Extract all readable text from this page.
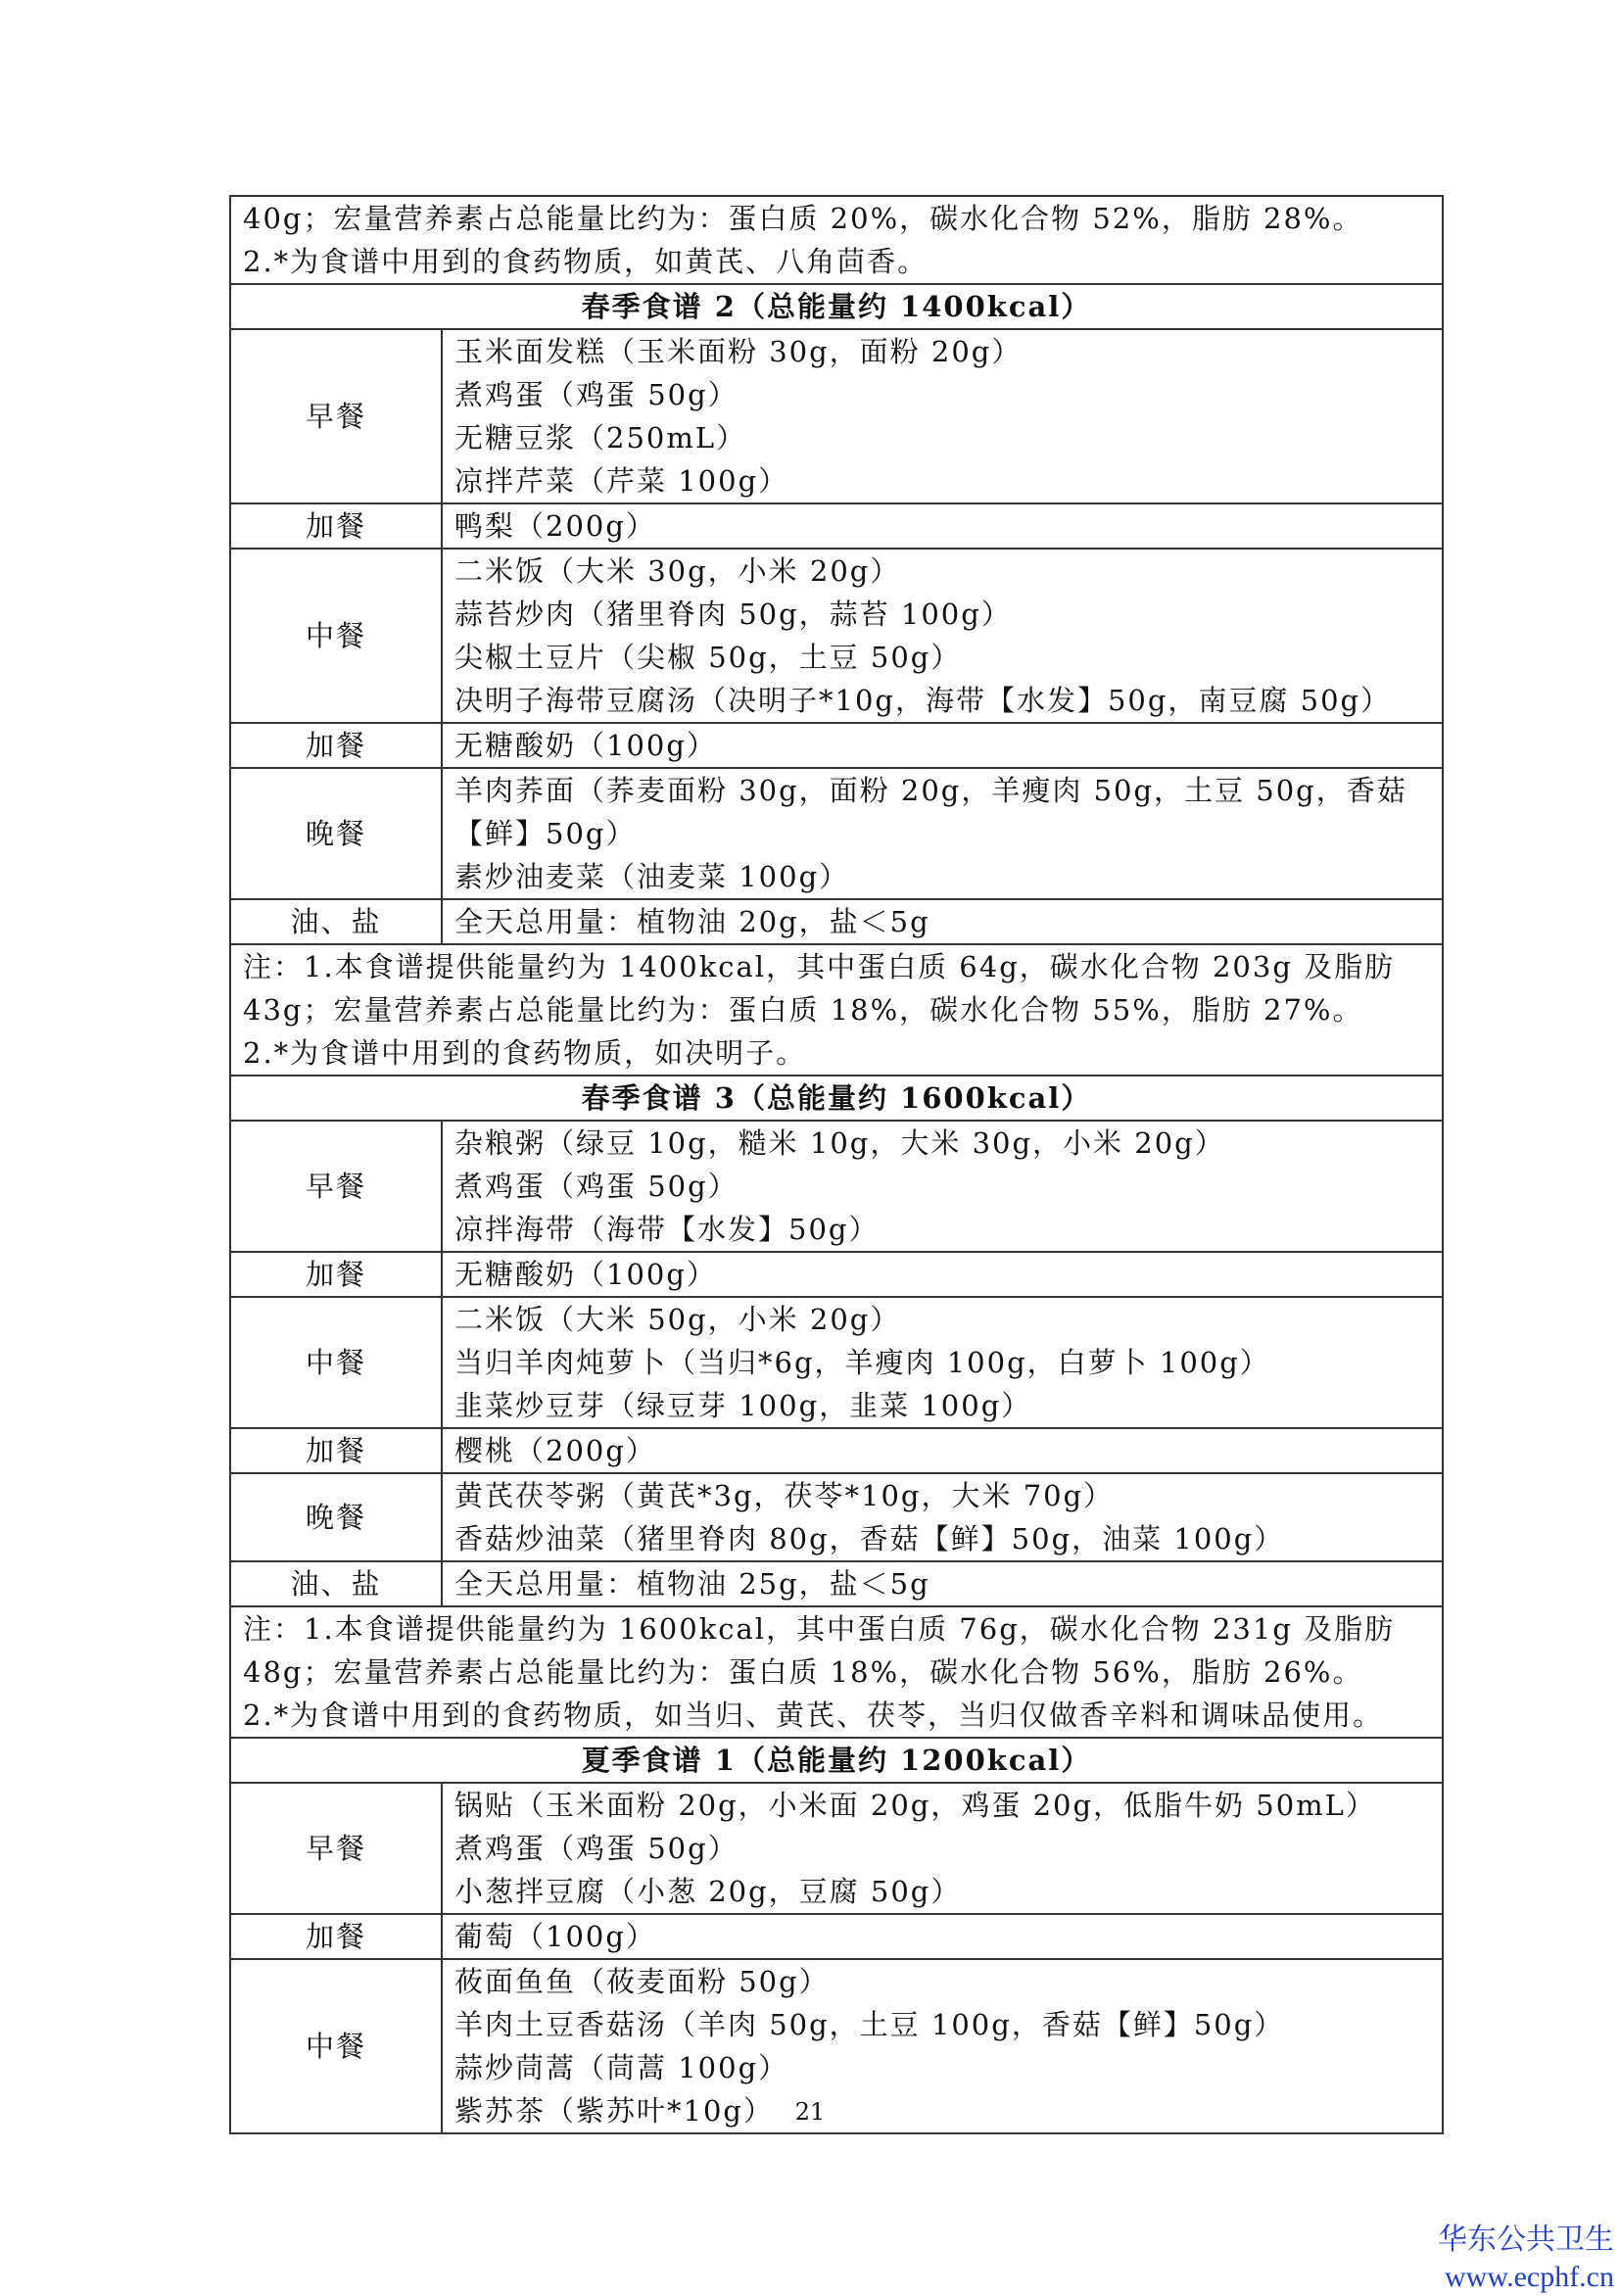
40g；宏量营养素占总能量比约为：蛋白质 20%，碳水化合物 52%，脂肪 28%。
2.*为食谱中用到的食药物质，如黄芪、八角茴香。	

春季食谱 2（总能量约 1400kcal）	
早餐	玉米面发糕（玉米面粉 30g，面粉 20g）
煮鸡蛋（鸡蛋 50g）
无糖豆浆（250mL）
凉拌芹菜（芹菜 100g）

加餐	鸭梨（200g）

中餐	二米饭（大米 30g，小米 20g）
蒜苔炒肉（猪里脊肉 50g，蒜苔 100g）
尖椒土豆片（尖椒 50g，土豆 50g）
决明子海带豆腐汤（决明子*10g，海带【水发】50g，南豆腐 50g）

加餐	无糖酸奶（100g）

晚餐	羊肉荞面（荞麦面粉 30g，面粉 20g，羊瘦肉 50g，土豆 50g，香菇【鲜】50g）
素炒油麦菜（油麦菜 100g）

油、盐	全天总用量：植物油 20g，盐＜5g

注：1.本食谱提供能量约为 1400kcal，其中蛋白质 64g，碳水化合物 203g 及脂肪
43g；宏量营养素占总能量比约为：蛋白质 18%，碳水化合物 55%，脂肪 27%。
2.*为食谱中用到的食药物质，如决明子。	

春季食谱 3（总能量约 1600kcal）	
早餐	杂粮粥（绿豆 10g，糙米 10g，大米 30g，小米 20g）
煮鸡蛋（鸡蛋 50g）
凉拌海带（海带【水发】50g）

加餐	无糖酸奶（100g）

中餐	二米饭（大米 50g，小米 20g）
当归羊肉炖萝卜（当归*6g，羊瘦肉 100g，白萝卜 100g）
韭菜炒豆芽（绿豆芽 100g，韭菜 100g）

加餐	樱桃（200g）

晚餐	黄芪茯苓粥（黄芪*3g，茯苓*10g，大米 70g）
香菇炒油菜（猪里脊肉 80g，香菇【鲜】50g，油菜 100g）

油、盐	全天总用量：植物油 25g，盐＜5g

注：1.本食谱提供能量约为 1600kcal，其中蛋白质 76g，碳水化合物 231g 及脂肪
48g；宏量营养素占总能量比约为：蛋白质 18%，碳水化合物 56%，脂肪 26%。
2.*为食谱中用到的食药物质，如当归、黄芪、茯苓，当归仅做香辛料和调味品使用。	

夏季食谱 1（总能量约 1200kcal）	
早餐	锅贴（玉米面粉 20g，小米面 20g，鸡蛋 20g，低脂牛奶 50mL）
煮鸡蛋（鸡蛋 50g）
小葱拌豆腐（小葱 20g，豆腐 50g）

加餐	葡萄（100g）

中餐	莜面鱼鱼（莜麦面粉 50g）
羊肉土豆香菇汤（羊肉 50g，土豆 100g，香菇【鲜】50g）
蒜炒茼蒿（茼蒿 100g）
紫苏茶（紫苏叶*10g） 21
华东公共卫生
www.ecphf.cn
